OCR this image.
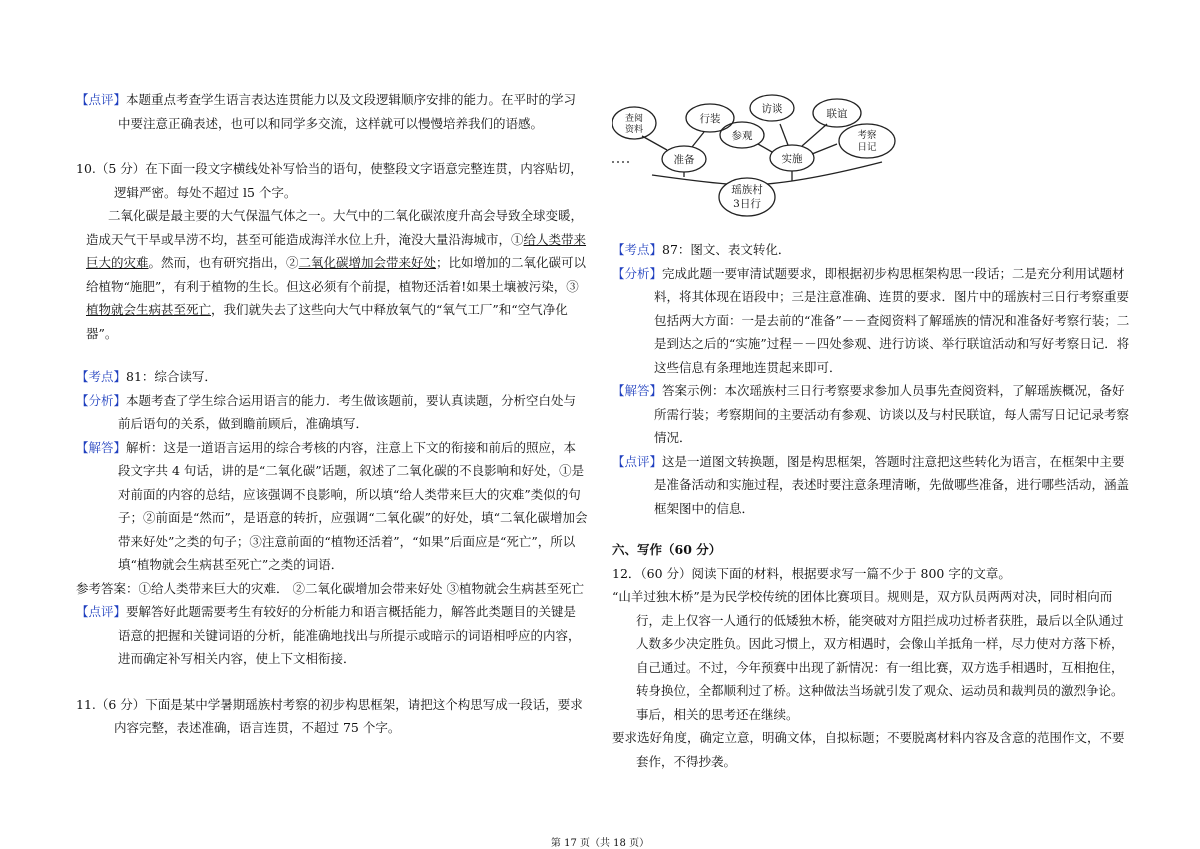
【点评】本题重点考查学生语言表达连贯能力以及文段逻辑顺序安排的能力。在平时的学习中要注意正确表述，也可以和同学多交流，这样就可以慢慢培养我们的语感。

10.（5 分）在下面一段文字横线处补写恰当的语句，使整段文字语意完整连贯，内容贴切，逻辑严密。每处不超过 l5 个字。

二氧化碳是最主要的大气保温气体之一。大气中的二氧化碳浓度升高会导致全球变暖，造成天气干旱或旱涝不均，甚至可能造成海洋水位上升，淹没大量沿海城市，①给人类带来巨大的灾难。然而，也有研究指出，②二氧化碳增加会带来好处；比如增加的二氧化碳可以给植物“施肥”，有利于植物的生长。但这必须有个前提，植物还活着!如果土壤被污染，③植物就会生病甚至死亡，我们就失去了这些向大气中释放氧气的“氧气工厂”和“空气净化器”。

【考点】81：综合读写．

【分析】本题考查了学生综合运用语言的能力．考生做该题前，要认真读题，分析空白处与前后语句的关系，做到瞻前顾后，准确填写．

【解答】解析：这是一道语言运用的综合考核的内容，注意上下文的衔接和前后的照应，本段文字共 4 句话，讲的是“二氧化碳”话题，叙述了二氧化碳的不良影响和好处，①是对前面的内容的总结，应该强调不良影响，所以填“给人类带来巨大的灾难”类似的句子；②前面是“然而”，是语意的转折，应强调“二氧化碳”的好处，填“二氧化碳增加会带来好处”之类的句子；③注意前面的“植物还活着”，“如果”后面应是“死亡”，所以填“植物就会生病甚至死亡”之类的词语．

参考答案：①给人类带来巨大的灾难． ②二氧化碳增加会带来好处 ③植物就会生病甚至死亡

【点评】要解答好此题需要考生有较好的分析能力和语言概括能力，解答此类题目的关键是语意的把握和关键词语的分析，能准确地找出与所提示或暗示的词语相呼应的内容，进而确定补写相关内容，使上下文相衔接．

11.（6 分）下面是某中学暑期瑶族村考察的初步构思框架，请把这个构思写成一段话，要求内容完整，表述准确，语言连贯，不超过 75 个字。

瑶族村
3日行
准备
查阅
资料
行装
实施
参观
访谈	联谊
考察
日记

【考点】87：图文、表文转化．

【分析】完成此题一要审清试题要求，即根据初步构思框架构思一段话；二是充分利用试题材料，将其体现在语段中；三是注意准确、连贯的要求．图片中的瑶族村三日行考察重要包括两大方面：一是去前的“准备”－－查阅资料了解瑶族的情况和准备好考察行装；二是到达之后的“实施”过程－－四处参观、进行访谈、举行联谊活动和写好考察日记．将这些信息有条理地连贯起来即可．

【解答】答案示例：本次瑶族村三日行考察要求参加人员事先查阅资料，了解瑶族概况，备好所需行装；考察期间的主要活动有参观、访谈以及与村民联谊，每人需写日记记录考察情况．

【点评】这是一道图文转换题，图是构思框架，答题时注意把这些转化为语言，在框架中主要是准备活动和实施过程，表述时要注意条理清晰，先做哪些准备，进行哪些活动，涵盖框架图中的信息．

六、写作（60 分）

12．（60 分）阅读下面的材料，根据要求写一篇不少于 800 字的文章。

“山羊过独木桥”是为民学校传统的团体比赛项目。规则是，双方队员两两对决，同时相向而行，走上仅容一人通行的低矮独木桥，能突破对方阻拦成功过桥者获胜，最后以全队通过人数多少决定胜负。因此习惯上，双方相遇时，会像山羊抵角一样，尽力使对方落下桥，自己通过。不过，今年预赛中出现了新情况：有一组比赛，双方选手相遇时，互相抱住，转身换位，全都顺利过了桥。这种做法当场就引发了观众、运动员和裁判员的激烈争论。事后，相关的思考还在继续。

要求选好角度，确定立意，明确文体，自拟标题；不要脱离材料内容及含意的范围作文，不要套作，不得抄袭。

第 17 页（共 18 页）
